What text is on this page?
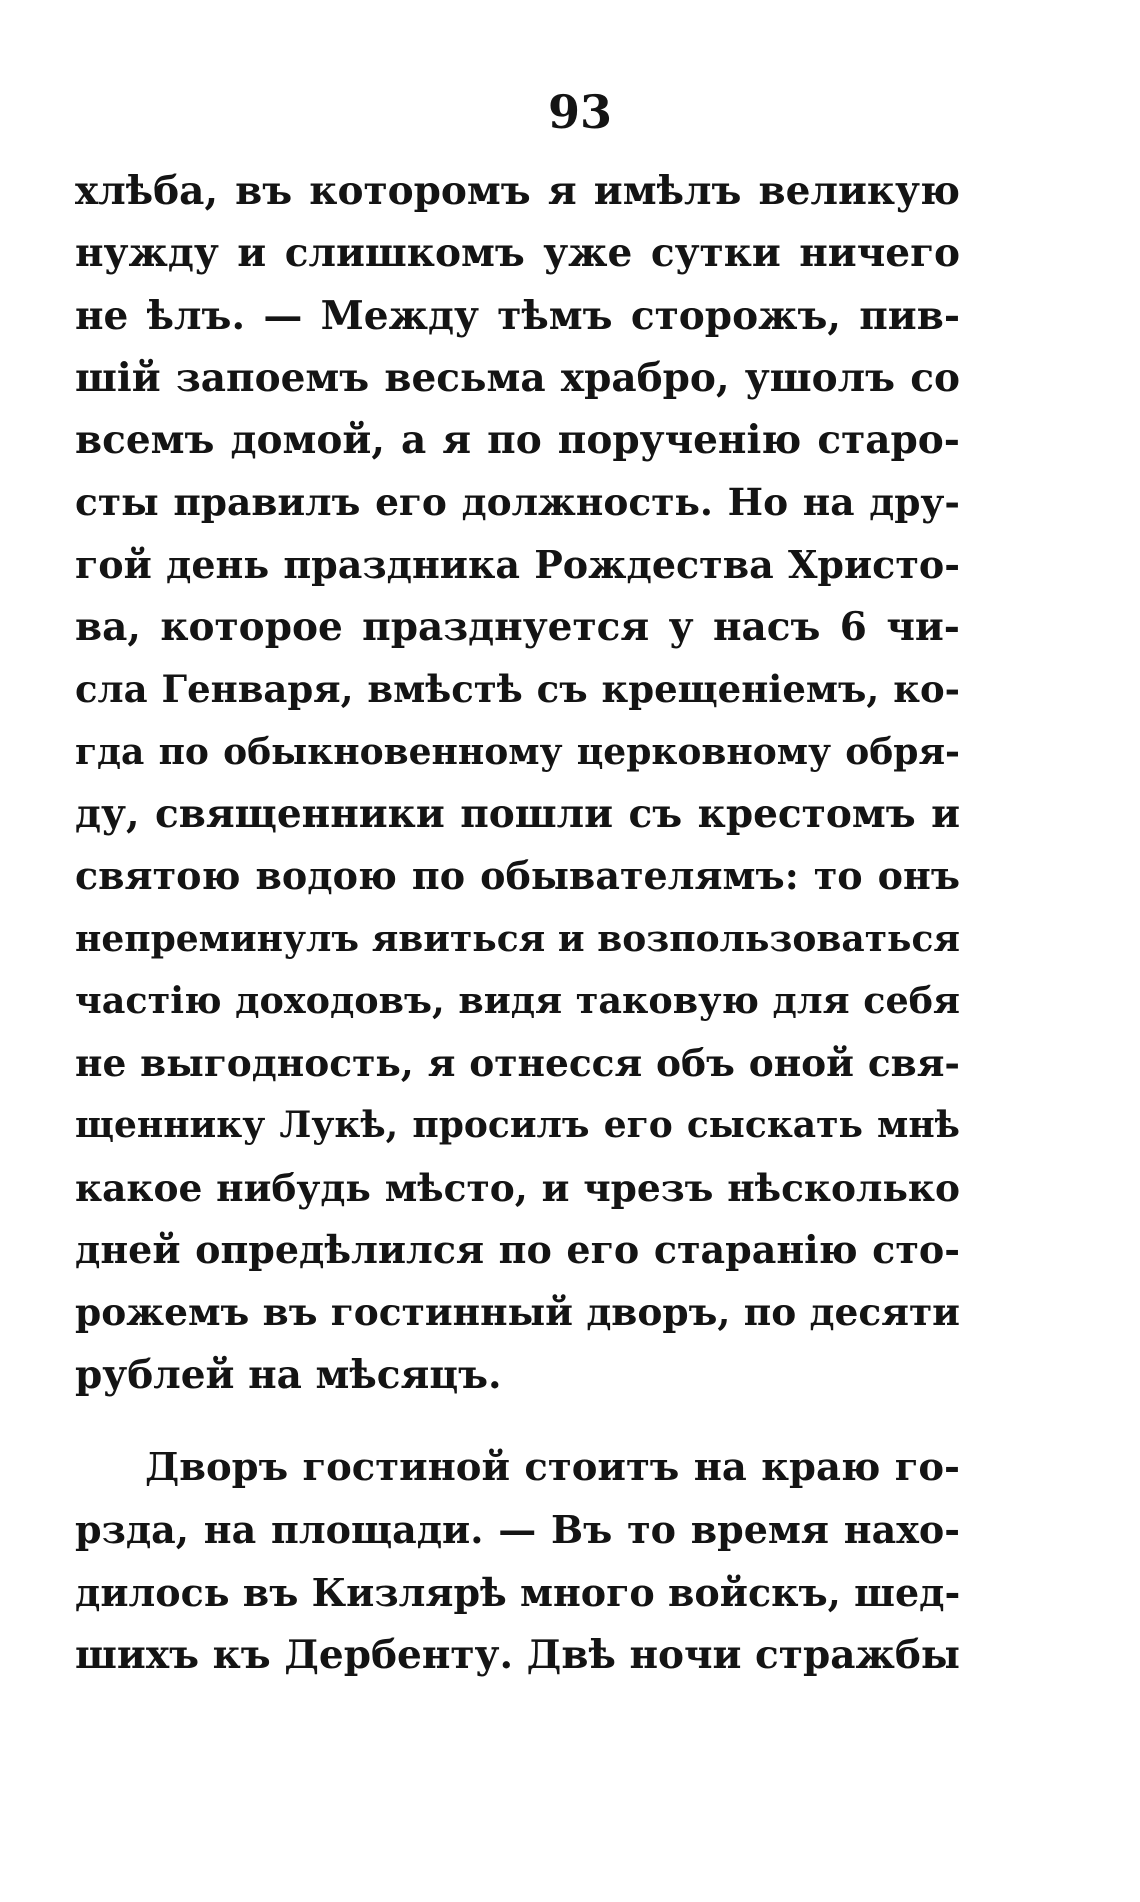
93
хлѣба, въ которомъ я имѣлъ великую
нужду и слишкомъ уже сутки ничего
не ѣлъ. — Между тѣмъ сторожъ, пив-
шій запоемъ весьма храбро, ушолъ со
всемъ домой, а я по порученію старо-
сты правилъ его должность. Но на дру-
гой день праздника Рождества Христо-
ва, которое празднуется у насъ 6 чи-
сла Генваря, вмѣстѣ съ крещеніемъ, ко-
гда по обыкновенному церковному обря-
ду, священники пошли съ крестомъ и
святою водою по обывателямъ: то онъ
непреминулъ явиться и возпользоваться
частію доходовъ, видя таковую для себя
не выгодность, я отнесся объ оной свя-
щеннику Лукѣ, просилъ его сыскать мнѣ
какое нибудь мѣсто, и чрезъ нѣсколько
дней опредѣлился по его старанію сто-
рожемъ въ гостинный дворъ, по десяти
рублей на мѣсяцъ.
Дворъ гостиной стоитъ на краю го-
рзда, на площади. — Въ то время нахо-
дилось въ Кизлярѣ много войскъ, шед-
шихъ къ Дербенту. Двѣ ночи стражбы
